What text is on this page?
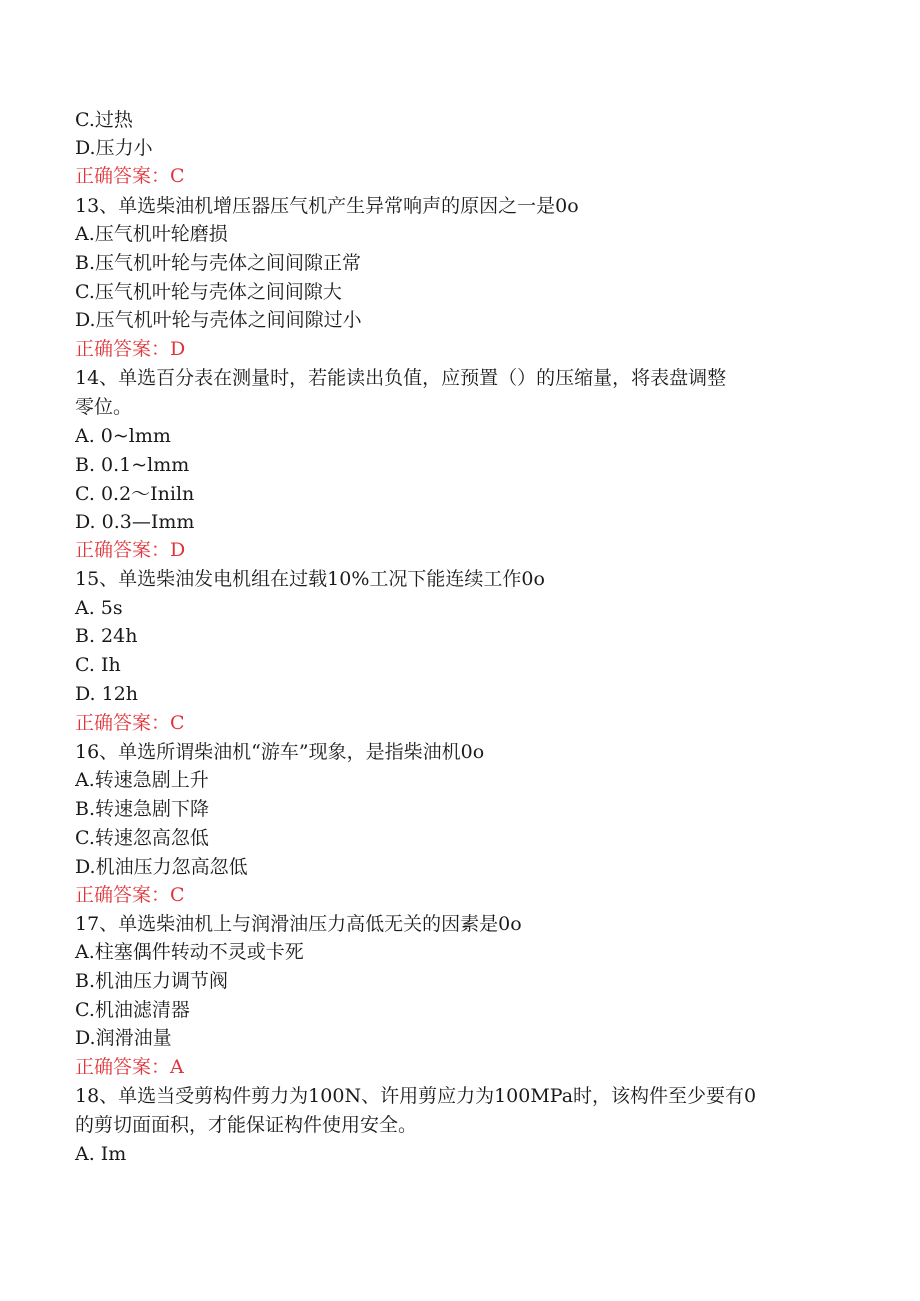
C.过热
D.压力小
正确答案：C
13、单选柴油机增压器压气机产生异常响声的原因之一是0o
A.压气机叶轮磨损
B.压气机叶轮与壳体之间间隙正常
C.压气机叶轮与壳体之间间隙大
D.压气机叶轮与壳体之间间隙过小
正确答案：D
14、单选百分表在测量时，若能读出负值，应预置（）的压缩量，将表盘调整
零位。
A. 0~lmm
B. 0.1~lmm
C. 0.2～Iniln
D. 0.3—Imm
正确答案：D
15、单选柴油发电机组在过载10%工况下能连续工作0o
A. 5s
B. 24h
C. Ih
D. 12h
正确答案：C
16、单选所谓柴油机“游车”现象，是指柴油机0o
A.转速急剧上升
B.转速急剧下降
C.转速忽高忽低
D.机油压力忽高忽低
正确答案：C
17、单选柴油机上与润滑油压力高低无关的因素是0o
A.柱塞偶件转动不灵或卡死
B.机油压力调节阀
C.机油滤清器
D.润滑油量
正确答案：A
18、单选当受剪构件剪力为100N、许用剪应力为100MPa时，该构件至少要有0
的剪切面面积，才能保证构件使用安全。
A. Im
